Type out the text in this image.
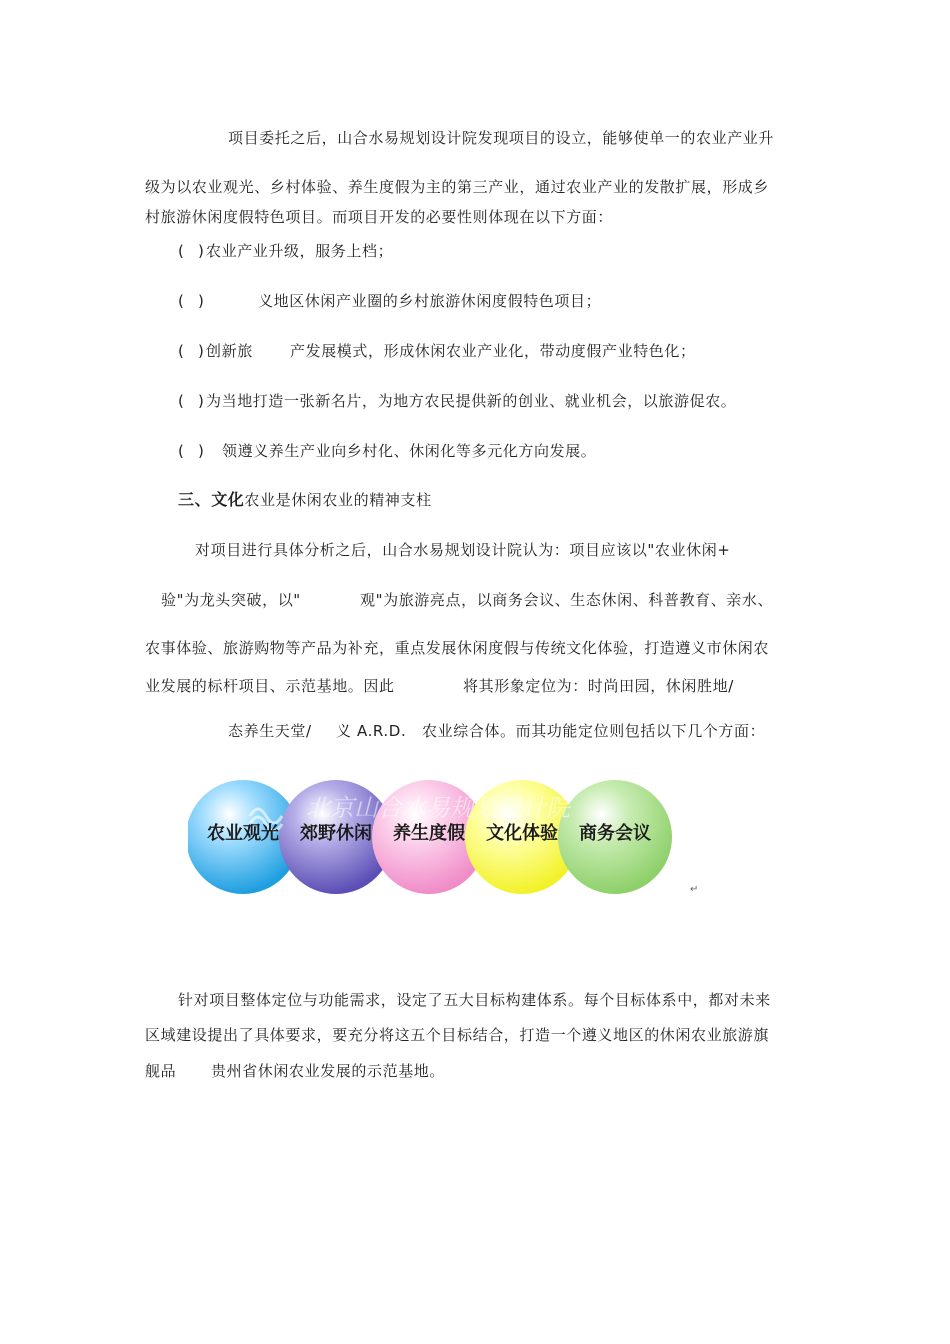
项目委托之后，山合水易规划设计院发现项目的设立，能够使单一的农业产业升
级为以农业观光、乡村体验、养生度假为主的第三产业，通过农业产业的发散扩展，形成乡
村旅游休闲度假特色项目。而项目开发的必要性则体现在以下方面：
( ) 农业产业升级，服务上档；
( )	义地区休闲产业圈的乡村旅游休闲度假特色项目；
( ) 创新旅 产发展模式，形成休闲农业产业化，带动度假产业特色化；
( ) 为当地打造一张新名片，为地方农民提供新的创业、就业机会，以旅游促农。
( ) 领遵义养生产业向乡村化、休闲化等多元化方向发展。
三、文化农业是休闲农业的精神支柱
对项目进行具体分析之后，山合水易规划设计院认为：项目应该以"农业休闲+
验"为龙头突破，以"	观"为旅游亮点，以商务会议、生态休闲、科普教育、亲水、
农事体验、旅游购物等产品为补充，重点发展休闲度假与传统文化体验，打造遵义市休闲农
业发展的标杆项目、示范基地。因此	将其形象定位为：时尚田园，休闲胜地/
态养生天堂/ 义 A.R.D. 农业综合体。而其功能定位则包括以下几个方面：
北京山合水易规划设计院
农业观光 郊野休闲 养生度假 文化体验 商务会议
↵
针对项目整体定位与功能需求，设定了五大目标构建体系。每个目标体系中，都对未来
区域建设提出了具体要求，要充分将这五个目标结合，打造一个遵义地区的休闲农业旅游旗
舰品 贵州省休闲农业发展的示范基地。
